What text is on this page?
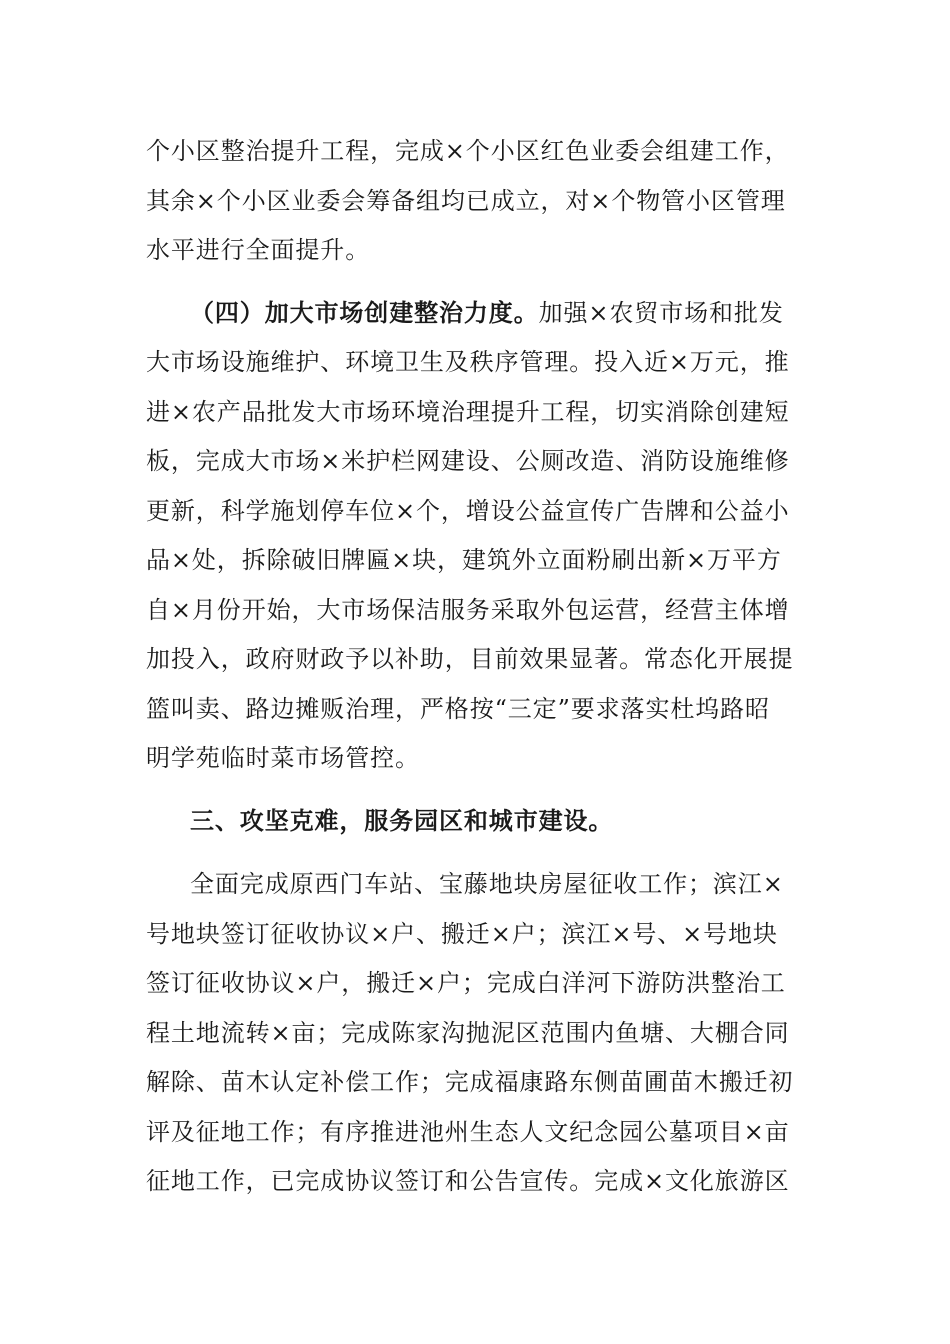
个小区整治提升工程，完成×个小区红色业委会组建工作，
其余×个小区业委会筹备组均已成立，对×个物管小区管理
水平进行全面提升。
（四）加大市场创建整治力度。加强×农贸市场和批发
大市场设施维护、环境卫生及秩序管理。投入近×万元，推
进×农产品批发大市场环境治理提升工程，切实消除创建短
板，完成大市场×米护栏网建设、公厕改造、消防设施维修
更新，科学施划停车位×个，增设公益宣传广告牌和公益小
品×处，拆除破旧牌匾×块，建筑外立面粉刷出新×万平方
自×月份开始，大市场保洁服务采取外包运营，经营主体增
加投入，政府财政予以补助，目前效果显著。常态化开展提
篮叫卖、路边摊贩治理，严格按“三定”要求落实杜坞路昭
明学苑临时菜市场管控。
三、攻坚克难，服务园区和城市建设。
全面完成原西门车站、宝藤地块房屋征收工作；滨江×
号地块签订征收协议×户、搬迁×户；滨江×号、×号地块
签订征收协议×户，搬迁×户；完成白洋河下游防洪整治工
程土地流转×亩；完成陈家沟抛泥区范围内鱼塘、大棚合同
解除、苗木认定补偿工作；完成福康路东侧苗圃苗木搬迁初
评及征地工作；有序推进池州生态人文纪念园公墓项目×亩
征地工作，已完成协议签订和公告宣传。完成×文化旅游区
